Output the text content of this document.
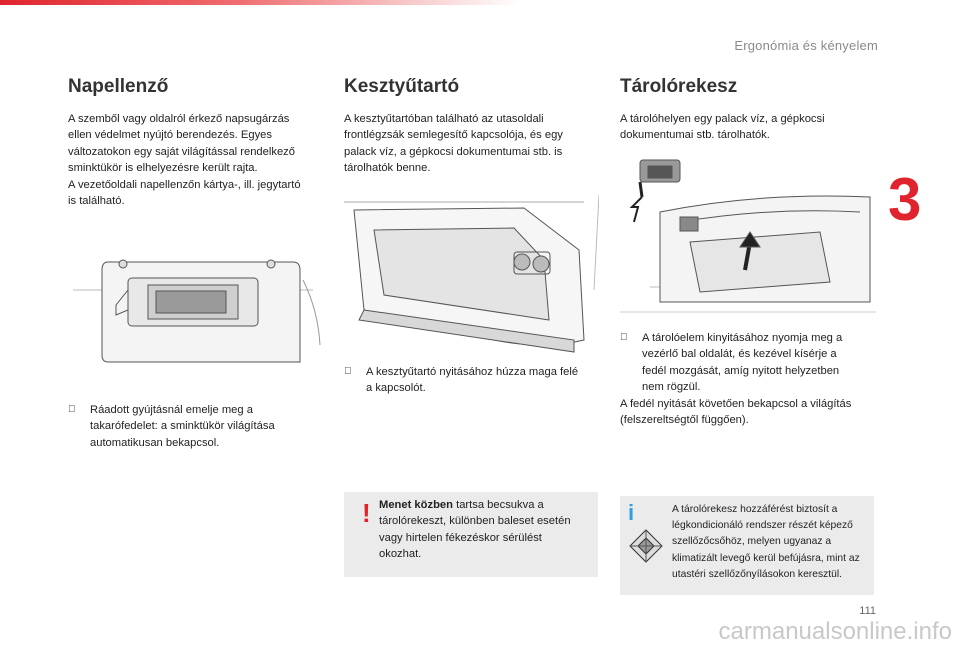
Ergonómia és kényelem
3
Napellenző
A szemből vagy oldalról érkező napsugárzás
ellen védelmet nyújtó berendezés. Egyes
változatokon egy saját világítással rendelkező
sminktükör is elhelyezésre került rajta.
A vezetőoldali napellenzőn kártya-, ill. jegytartó
is található.
Ráadott gyújtásnál emelje meg a
takarófedelet: a sminktükör világítása
automatikusan bekapcsol.
Kesztyűtartó
A kesztyűtartóban található az utasoldali
frontlégzsák semlegesítő kapcsolója, és egy
palack víz, a gépkocsi dokumentumai stb. is
tárolhatók benne.
A kesztyűtartó nyitásához húzza maga felé
a kapcsolót.
! Menet közben tartsa becsukva a
tárolórekeszt, különben baleset esetén
vagy hirtelen fékezéskor sérülést
okozhat.
Tárolórekesz
A tárolóhelyen egy palack víz, a gépkocsi
dokumentumai stb. tárolhatók.
A tárolóelem kinyitásához nyomja meg a
vezérlő bal oldalát, és kezével kísérje a
fedél mozgását, amíg nyitott helyzetben
nem rögzül.
A fedél nyitását követően bekapcsol a világítás
(felszereltségtől függően).
i	A tárolórekesz hozzáférést biztosít a
légkondicionáló rendszer részét képező
szellőzőcsőhöz, melyen ugyanaz a
klimatizált levegő kerül befújásra, mint az
utastéri szellőzőnyílásokon keresztül.
111
carmanualsonline.info
